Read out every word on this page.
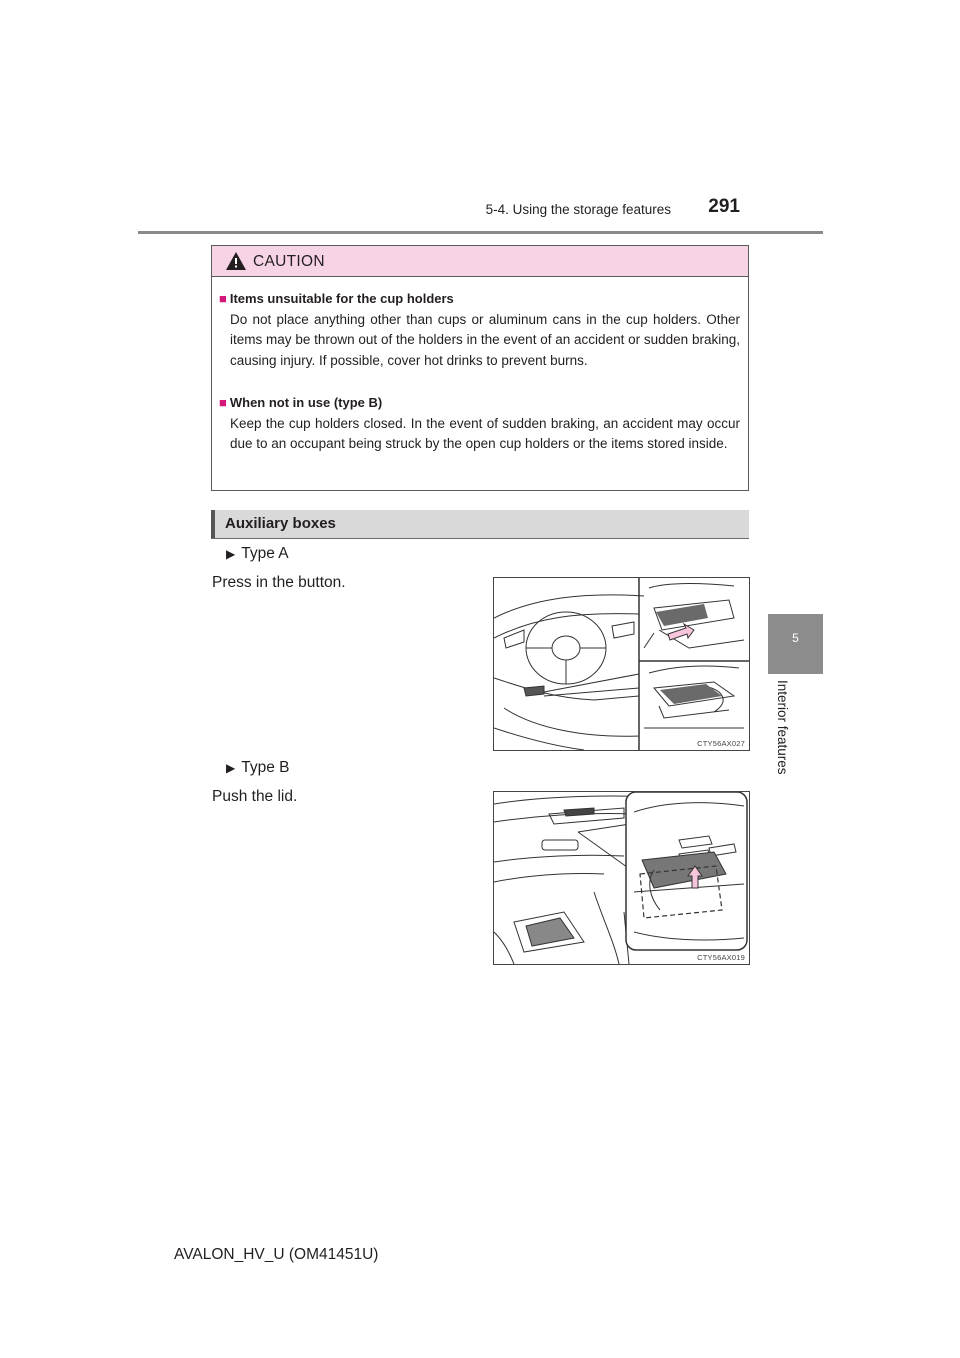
5-4. Using the storage features	291
5
Interior features
CAUTION
■ Items unsuitable for the cup holders
Do not place anything other than cups or aluminum cans in the cup holders. Other items may be thrown out of the holders in the event of an accident or sudden braking, causing injury. If possible, cover hot drinks to prevent burns.
■ When not in use (type B)
Keep the cup holders closed. In the event of sudden braking, an accident may occur due to an occupant being struck by the open cup holders or the items stored inside.
Auxiliary boxes
▶ Type A
Press in the button.
CTY56AX027
▶ Type B
Push the lid.
CTY56AX019
AVALON_HV_U (OM41451U)
